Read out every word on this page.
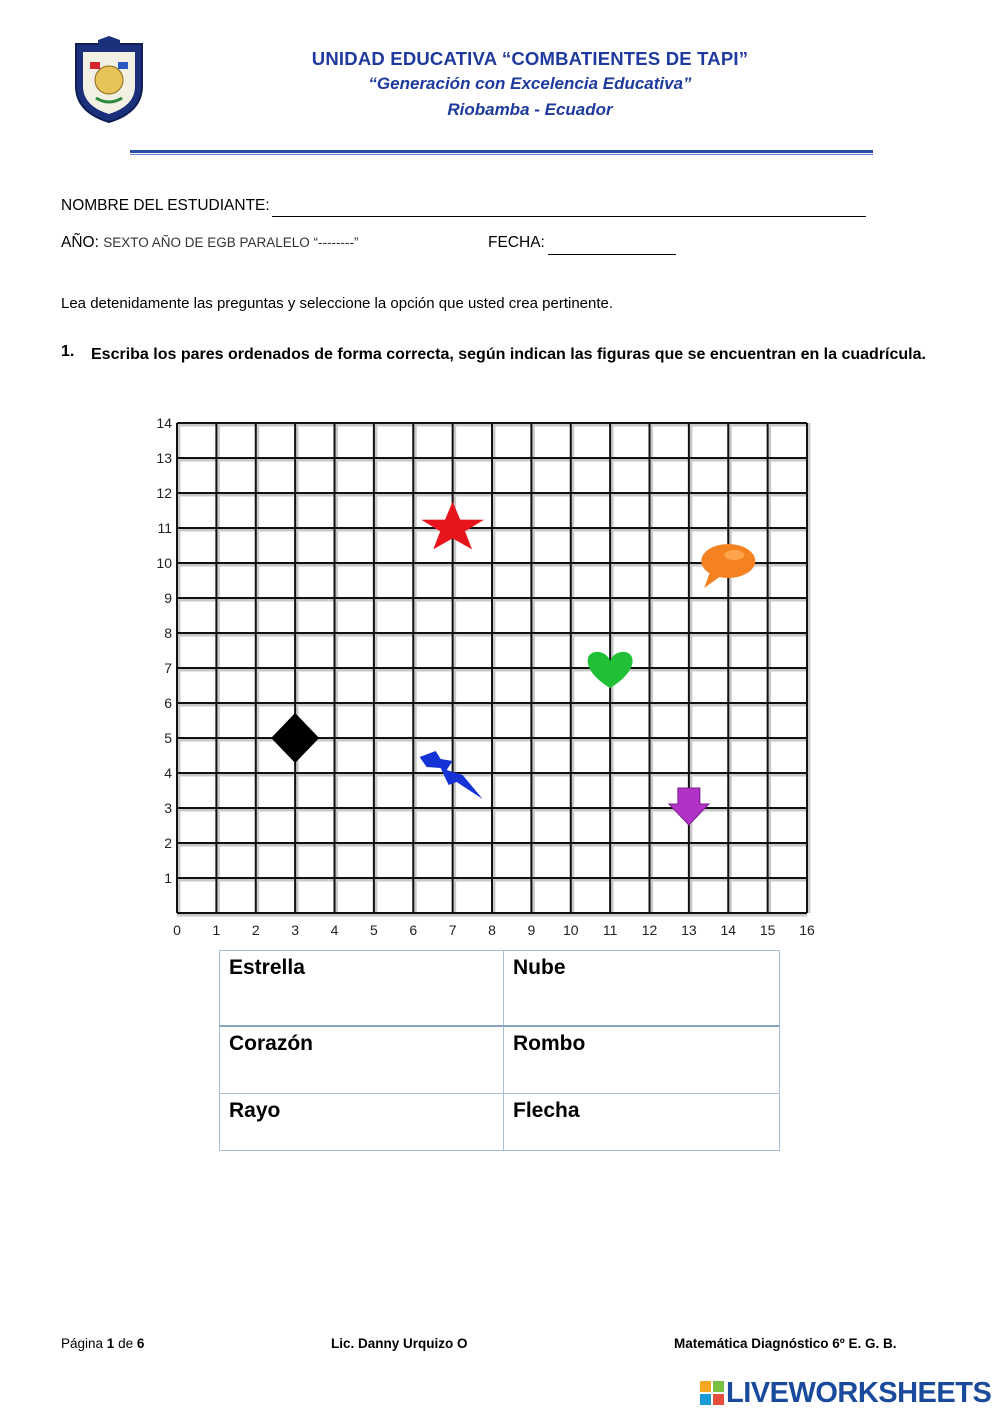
UNIDAD EDUCATIVA “COMBATIENTES DE TAPI”
“Generación con Excelencia Educativa”
Riobamba - Ecuador
NOMBRE DEL ESTUDIANTE:
AÑO: SEXTO AÑO DE EGB PARALELO “--------”	FECHA:
Lea detenidamente las preguntas y seleccione la opción que usted crea pertinente.
1. Escriba los pares ordenados de forma correcta, según indican las figuras que se encuentran en la cuadrícula.
0 1 2 3 4 5 6 7 8 9 10 11 12 13 14 15 16
1
2
3
4
5
6
7
8
9
10
11
12
13
14
Estrella	Nube
Corazón	Rombo
Rayo	Flecha
Página 1 de 6	Lic. Danny Urquizo O	Matemática Diagnóstico 6º E. G. B.
LIVEWORKSHEETS
